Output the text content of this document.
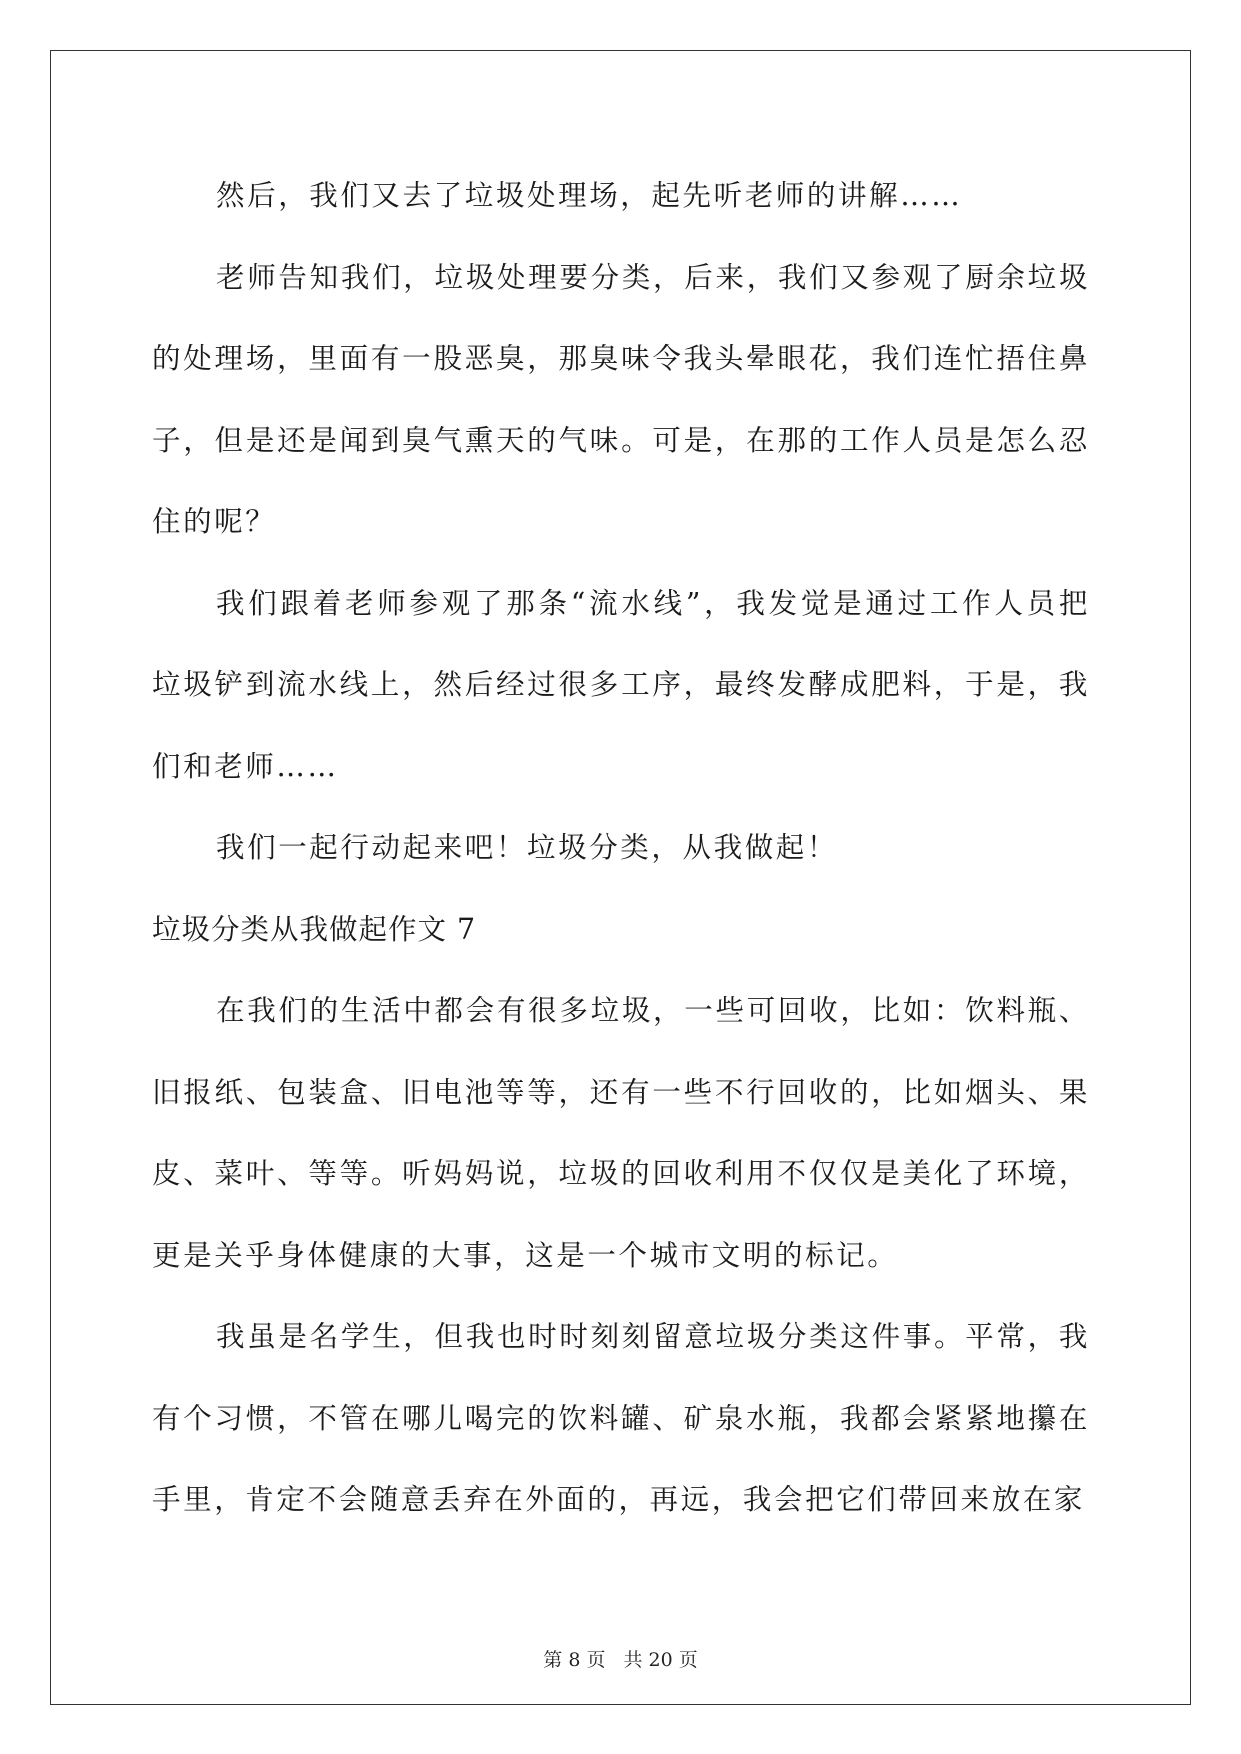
然后，我们又去了垃圾处理场，起先听老师的讲解……

老师告知我们，垃圾处理要分类，后来，我们又参观了厨余垃圾的处理场，里面有一股恶臭，那臭味令我头晕眼花，我们连忙捂住鼻子，但是还是闻到臭气熏天的气味。可是，在那的工作人员是怎么忍住的呢？

我们跟着老师参观了那条“流水线”，我发觉是通过工作人员把垃圾铲到流水线上，然后经过很多工序，最终发酵成肥料，于是，我们和老师……

我们一起行动起来吧！垃圾分类，从我做起！

垃圾分类从我做起作文 7

在我们的生活中都会有很多垃圾，一些可回收，比如：饮料瓶、旧报纸、包装盒、旧电池等等，还有一些不行回收的，比如烟头、果皮、菜叶、等等。听妈妈说，垃圾的回收利用不仅仅是美化了环境，更是关乎身体健康的大事，这是一个城市文明的标记。

我虽是名学生，但我也时时刻刻留意垃圾分类这件事。平常，我有个习惯，不管在哪儿喝完的饮料罐、矿泉水瓶，我都会紧紧地攥在手里，肯定不会随意丢弃在外面的，再远，我会把它们带回来放在家

第 8 页 共 20 页
